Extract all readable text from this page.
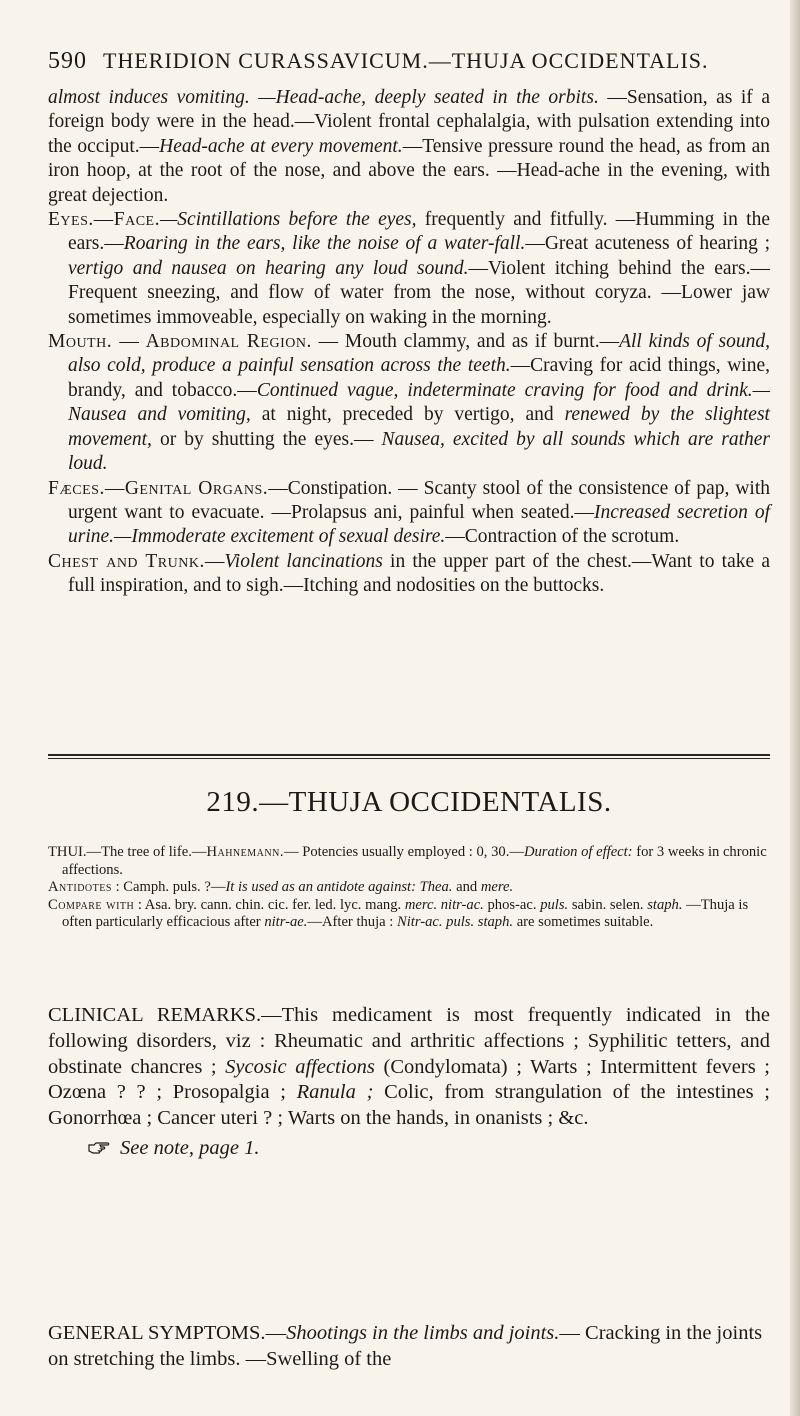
590 THERIDION CURASSAVICUM.—THUJA OCCIDENTALIS.

almost induces vomiting. —Head-ache, deeply seated in the orbits. —Sensation, as if a foreign body were in the head.—Violent frontal cephalalgia, with pulsation extending into the occiput.—Head-ache at every movement.—Tensive pressure round the head, as from an iron hoop, at the root of the nose, and above the ears. —Head-ache in the evening, with great dejection.

Eyes.—Face.—Scintillations before the eyes, frequently and fitfully. —Humming in the ears.—Roaring in the ears, like the noise of a water-fall.—Great acuteness of hearing ; vertigo and nausea on hearing any loud sound.—Violent itching behind the ears.—Frequent sneezing, and flow of water from the nose, without coryza. —Lower jaw sometimes immoveable, especially on waking in the morning.

Mouth. — Abdominal Region. — Mouth clammy, and as if burnt.—All kinds of sound, also cold, produce a painful sensation across the teeth.—Craving for acid things, wine, brandy, and tobacco.—Continued vague, indeterminate craving for food and drink.—Nausea and vomiting, at night, preceded by vertigo, and renewed by the slightest movement, or by shutting the eyes.— Nausea, excited by all sounds which are rather loud.

Fæces.—Genital Organs.—Constipation. — Scanty stool of the consistence of pap, with urgent want to evacuate. —Prolapsus ani, painful when seated.—Increased secretion of urine.—Immoderate excitement of sexual desire.—Contraction of the scrotum.

Chest and Trunk.—Violent lancinations in the upper part of the chest.—Want to take a full inspiration, and to sigh.—Itching and nodosities on the buttocks.

219.—THUJA OCCIDENTALIS.

THUI.—The tree of life.—Hahnemann.— Potencies usually employed : 0, 30.—Duration of effect: for 3 weeks in chronic affections.

Antidotes : Camph. puls. ?—It is used as an antidote against: Thea. and mere.

Compare with : Asa. bry. cann. chin. cic. fer. led. lyc. mang. merc. nitr-ac. phos-ac. puls. sabin. selen. staph. —Thuja is often particularly efficacious after nitr-ae.—After thuja : Nitr-ac. puls. staph. are sometimes suitable.

CLINICAL REMARKS.—This medicament is most frequently indicated in the following disorders, viz : Rheumatic and arthritic affections ; Syphilitic tetters, and obstinate chancres ; Sycosic affections (Condylomata) ; Warts ; Intermittent fevers ; Ozœna ? ? ; Prosopalgia ; Ranula ; Colic, from strangulation of the intestines ; Gonorrhœa ; Cancer uteri ? ; Warts on the hands, in onanists ; &c.

See note, page 1.

GENERAL SYMPTOMS.—Shootings in the limbs and joints.— Cracking in the joints on stretching the limbs. —Swelling of the
